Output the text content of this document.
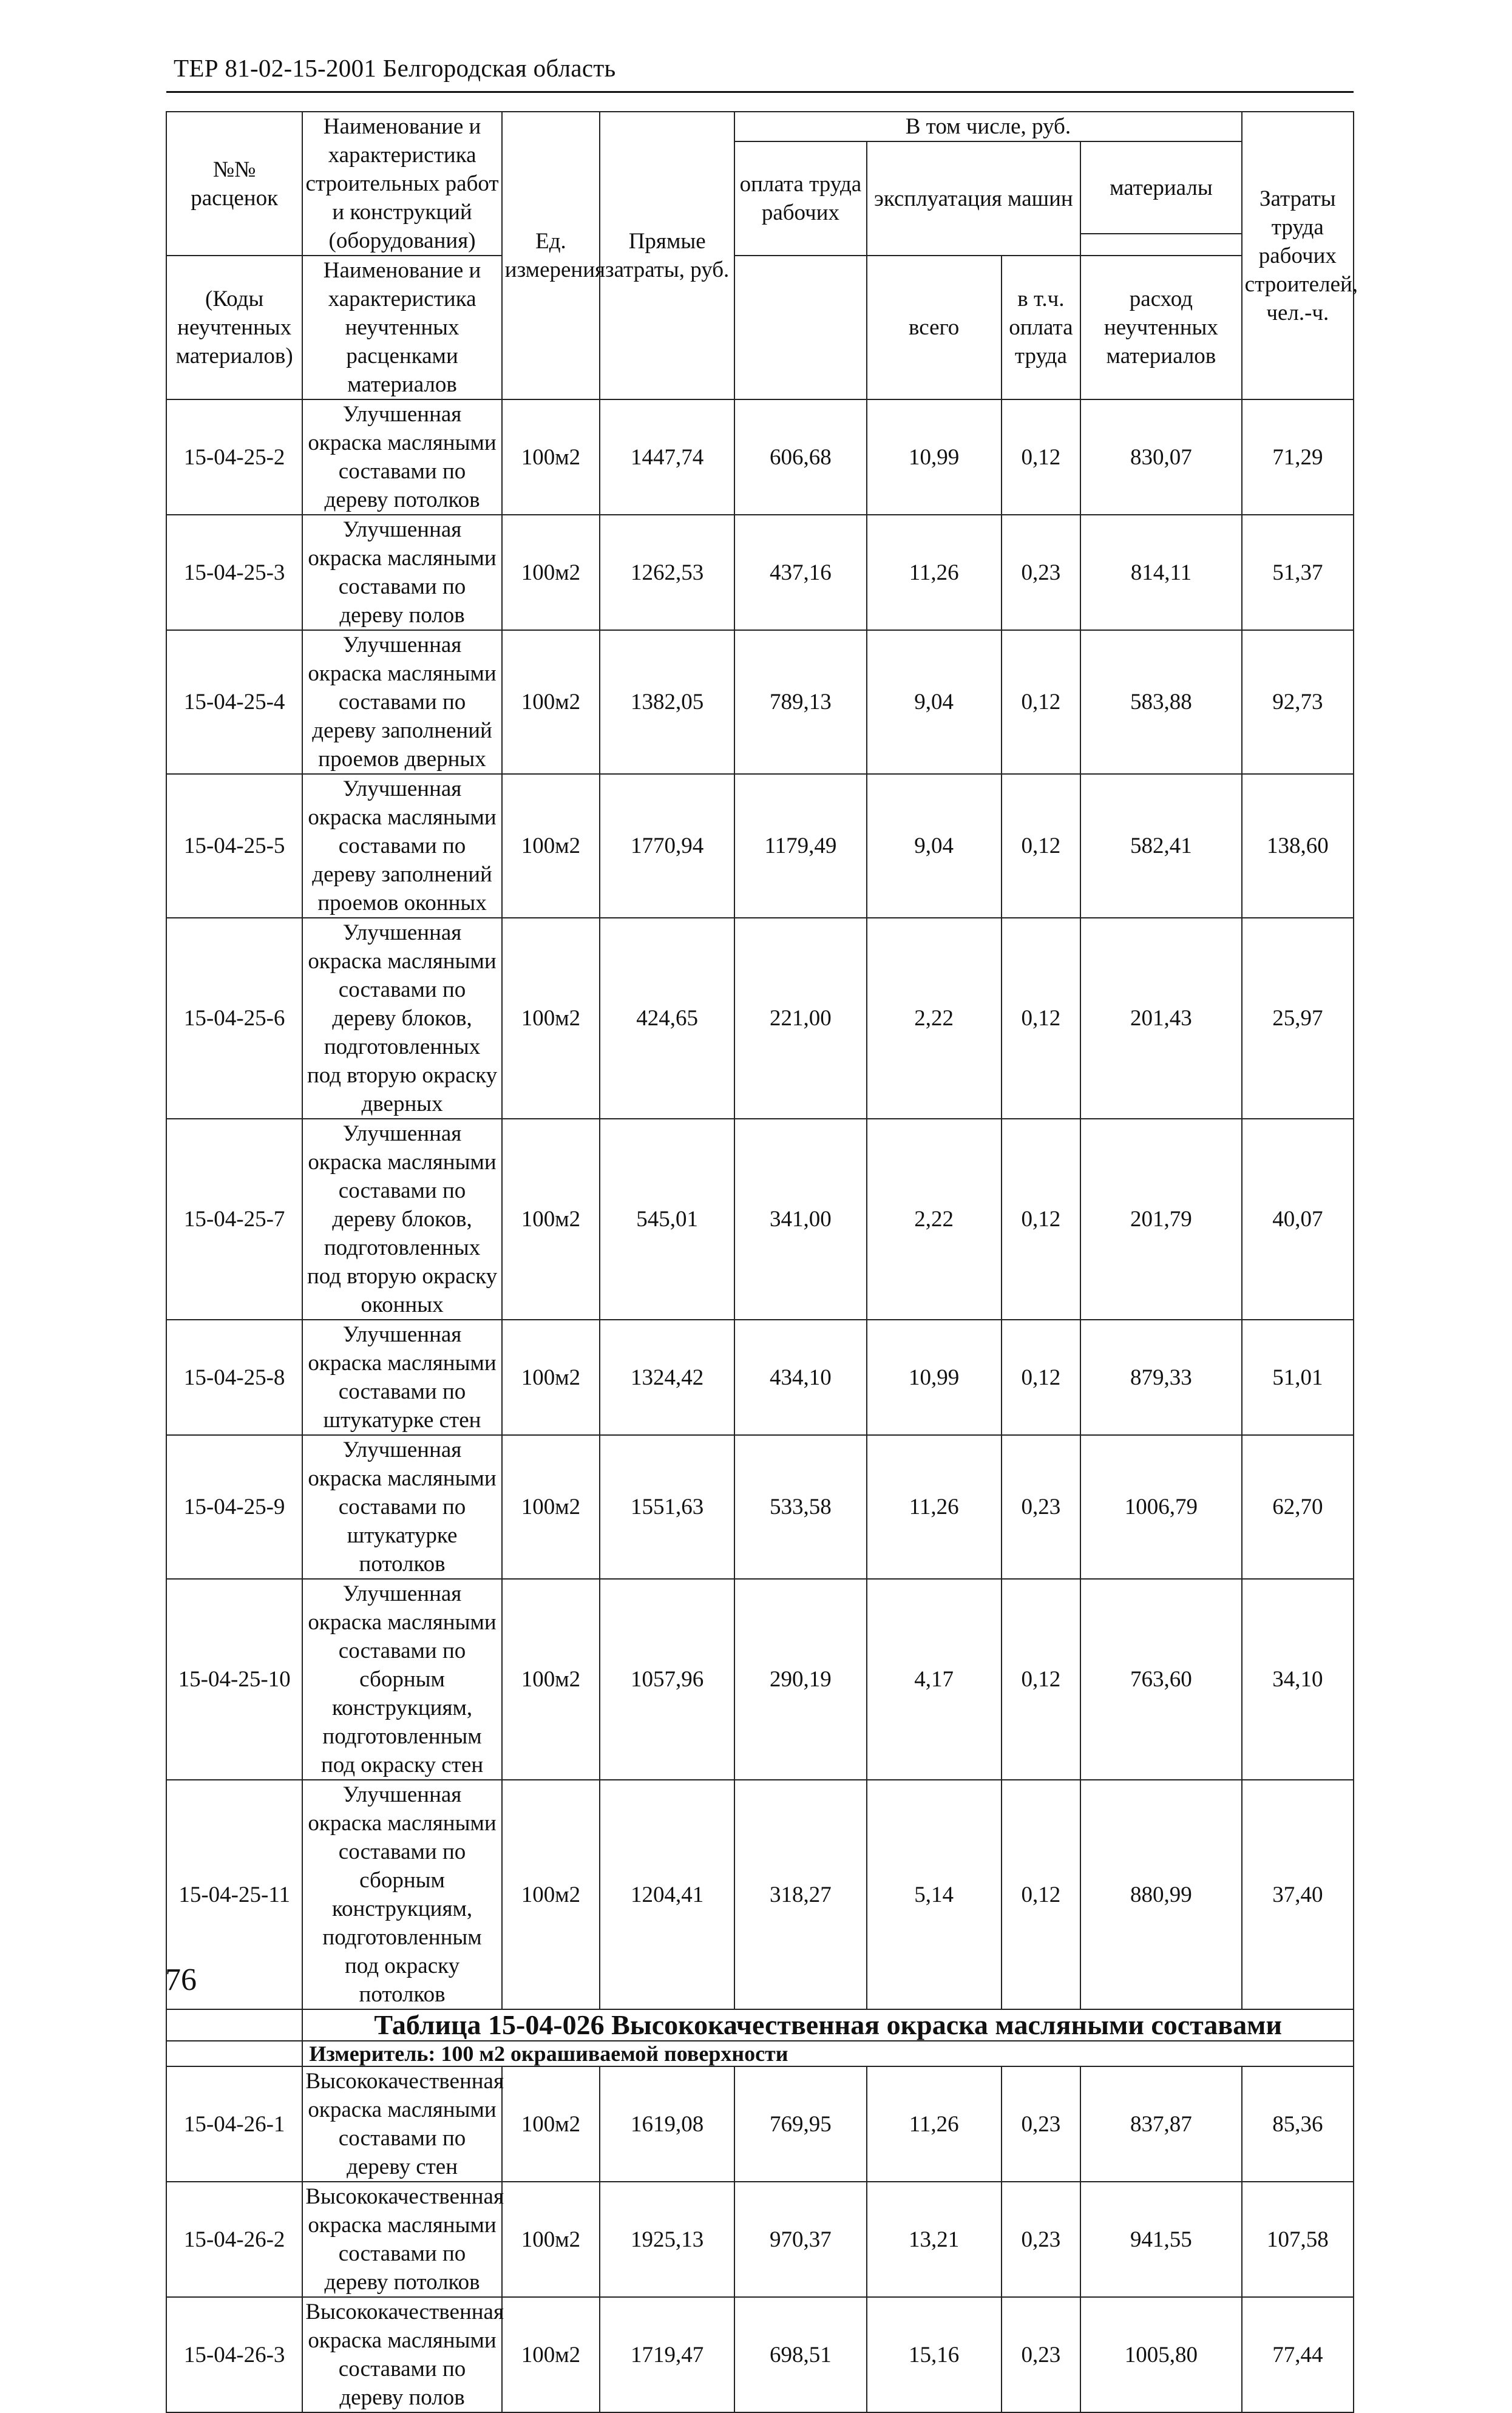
ТЕР 81-02-15-2001 Белгородская область
№№ расценок	Наименование и характеристика строительных работ и конструкций (оборудования)	Ед. измерения	Прямые затраты, руб.	В том числе, руб.				Затраты труда рабочих строителей, чел.-ч.
				оплата труда рабочих	эксплуатация машин		материалы	

(Коды неучтенных материалов)	Наименование и характеристика неучтенных расценками материалов				всего	в т.ч. оплата труда	расход неучтенных материалов	

15-04-25-2	Улучшенная окраска масляными составами по дереву потолков	100м2	1447,74	606,68	10,99	0,12	830,07	71,29
15-04-25-3	Улучшенная окраска масляными составами по дереву полов	100м2	1262,53	437,16	11,26	0,23	814,11	51,37
15-04-25-4	Улучшенная окраска масляными составами по дереву заполнений проемов дверных	100м2	1382,05	789,13	9,04	0,12	583,88	92,73
15-04-25-5	Улучшенная окраска масляными составами по дереву заполнений проемов оконных	100м2	1770,94	1179,49	9,04	0,12	582,41	138,60
15-04-25-6	Улучшенная окраска масляными составами по дереву блоков, подготовленных под вторую окраску дверных	100м2	424,65	221,00	2,22	0,12	201,43	25,97
15-04-25-7	Улучшенная окраска масляными составами по дереву блоков, подготовленных под вторую окраску оконных	100м2	545,01	341,00	2,22	0,12	201,79	40,07
15-04-25-8	Улучшенная окраска масляными составами по штукатурке стен	100м2	1324,42	434,10	10,99	0,12	879,33	51,01
15-04-25-9	Улучшенная окраска масляными составами по штукатурке потолков	100м2	1551,63	533,58	11,26	0,23	1006,79	62,70
15-04-25-10	Улучшенная окраска масляными составами по сборным конструкциям, подготовленным под окраску стен	100м2	1057,96	290,19	4,17	0,12	763,60	34,10
15-04-25-11	Улучшенная окраска масляными составами по сборным конструкциям, подготовленным под окраску потолков	100м2	1204,41	318,27	5,14	0,12	880,99	37,40
	Таблица 15-04-026 Высококачественная окраска масляными составами							
	Измеритель: 100 м2 окрашиваемой поверхности							
15-04-26-1	Высококачественная окраска масляными составами по дереву стен	100м2	1619,08	769,95	11,26	0,23	837,87	85,36
15-04-26-2	Высококачественная окраска масляными составами по дереву потолков	100м2	1925,13	970,37	13,21	0,23	941,55	107,58
15-04-26-3	Высококачественная окраска масляными составами по дереву полов	100м2	1719,47	698,51	15,16	0,23	1005,80	77,44
76
